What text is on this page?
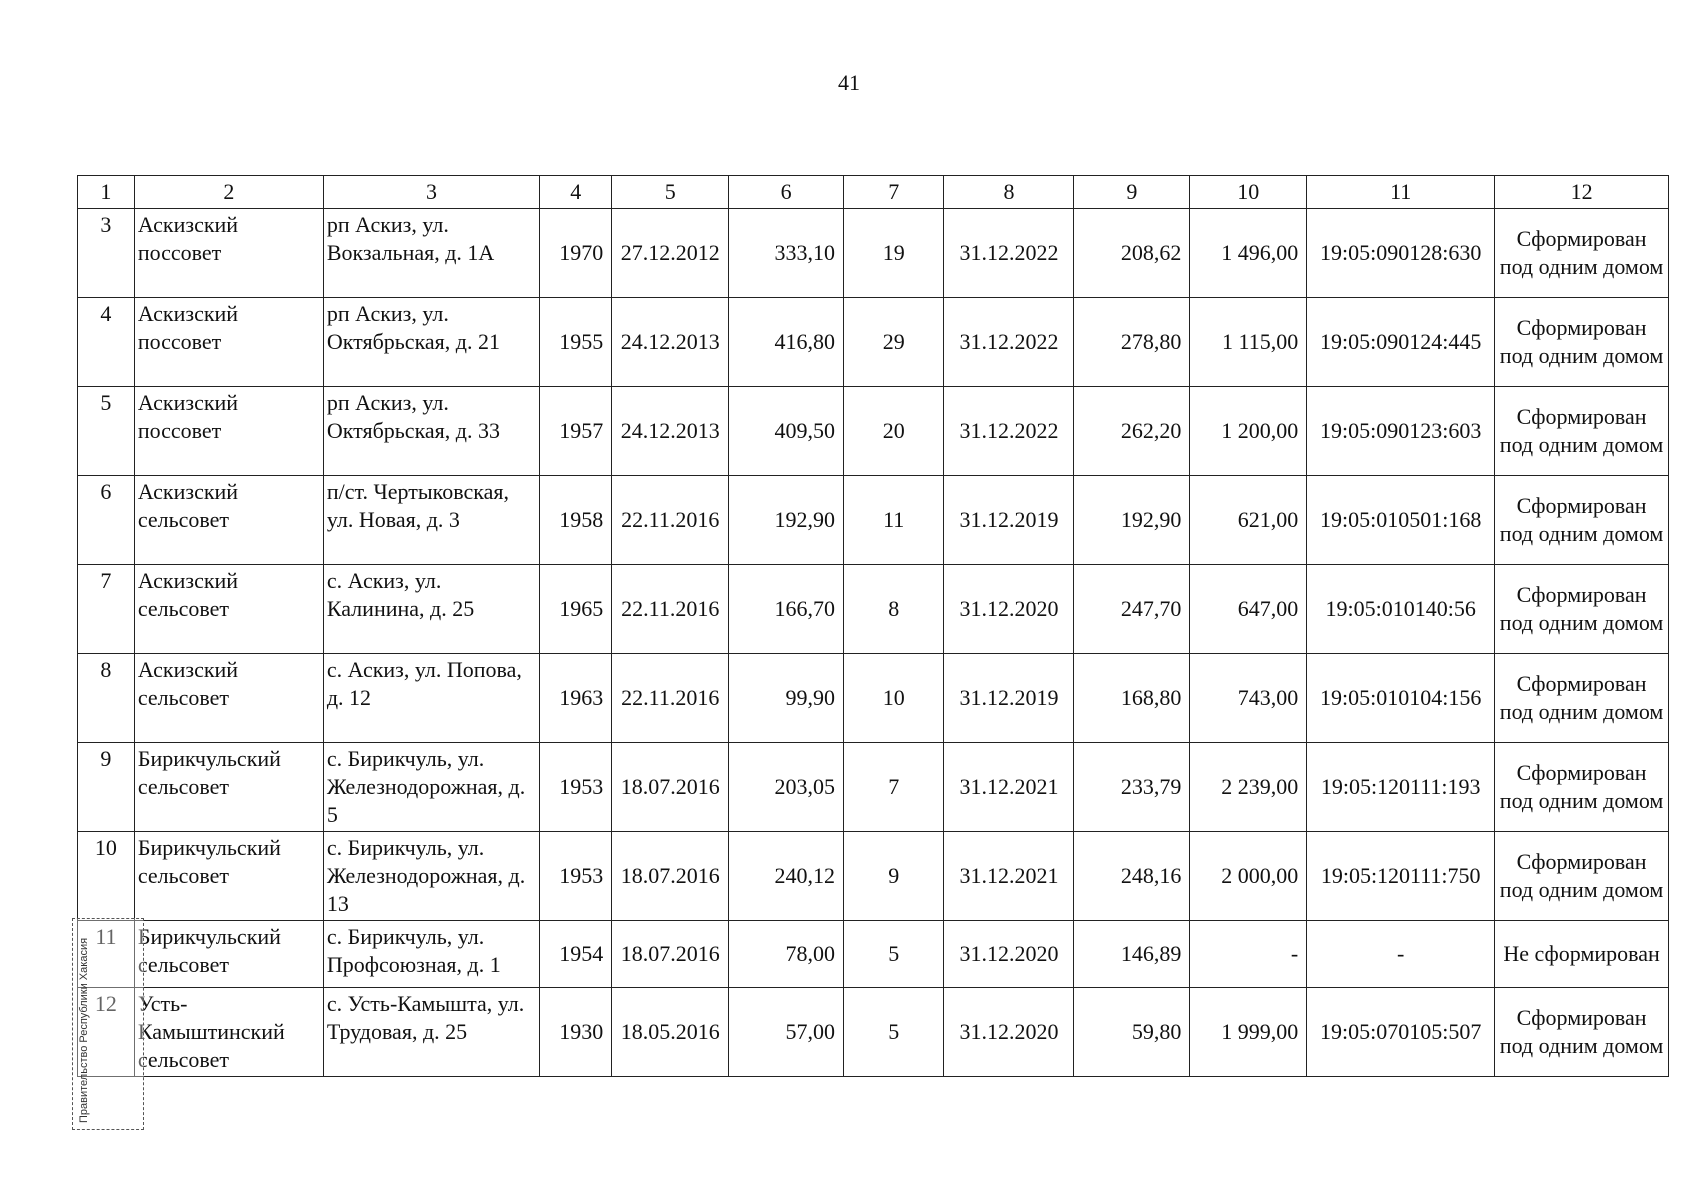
41
1	2	3	4	5	6	7	8	9	10	11	12
3	Аскизский поссовет	рп Аскиз, ул. Вокзальная, д. 1А	1970	27.12.2012	333,10	19	31.12.2022	208,62	1 496,00	19:05:090128:630	Сформирован под одним домом
4	Аскизский поссовет	рп Аскиз, ул. Октябрьская, д. 21	1955	24.12.2013	416,80	29	31.12.2022	278,80	1 115,00	19:05:090124:445	Сформирован под одним домом
5	Аскизский поссовет	рп Аскиз, ул. Октябрьская, д. 33	1957	24.12.2013	409,50	20	31.12.2022	262,20	1 200,00	19:05:090123:603	Сформирован под одним домом
6	Аскизский сельсовет	п/ст. Чертыковская, ул. Новая, д. 3	1958	22.11.2016	192,90	11	31.12.2019	192,90	621,00	19:05:010501:168	Сформирован под одним домом
7	Аскизский сельсовет	с. Аскиз, ул. Калинина, д. 25	1965	22.11.2016	166,70	8	31.12.2020	247,70	647,00	19:05:010140:56	Сформирован под одним домом
8	Аскизский сельсовет	с. Аскиз, ул. Попова, д. 12	1963	22.11.2016	99,90	10	31.12.2019	168,80	743,00	19:05:010104:156	Сформирован под одним домом
9	Бирикчульский сельсовет	с. Бирикчуль, ул. Железнодорожная, д. 5	1953	18.07.2016	203,05	7	31.12.2021	233,79	2 239,00	19:05:120111:193	Сформирован под одним домом
10	Бирикчульский сельсовет	с. Бирикчуль, ул. Железнодорожная, д. 13	1953	18.07.2016	240,12	9	31.12.2021	248,16	2 000,00	19:05:120111:750	Сформирован под одним домом
11	Бирикчульский сельсовет	с. Бирикчуль, ул. Профсоюзная, д. 1	1954	18.07.2016	78,00	5	31.12.2020	146,89	-	-	Не сформирован
12	Усть-Камыштинский сельсовет	с. Усть-Камышта, ул. Трудовая, д. 25	1930	18.05.2016	57,00	5	31.12.2020	59,80	1 999,00	19:05:070105:507	Сформирован под одним домом
Правительство Республики Хакасия
